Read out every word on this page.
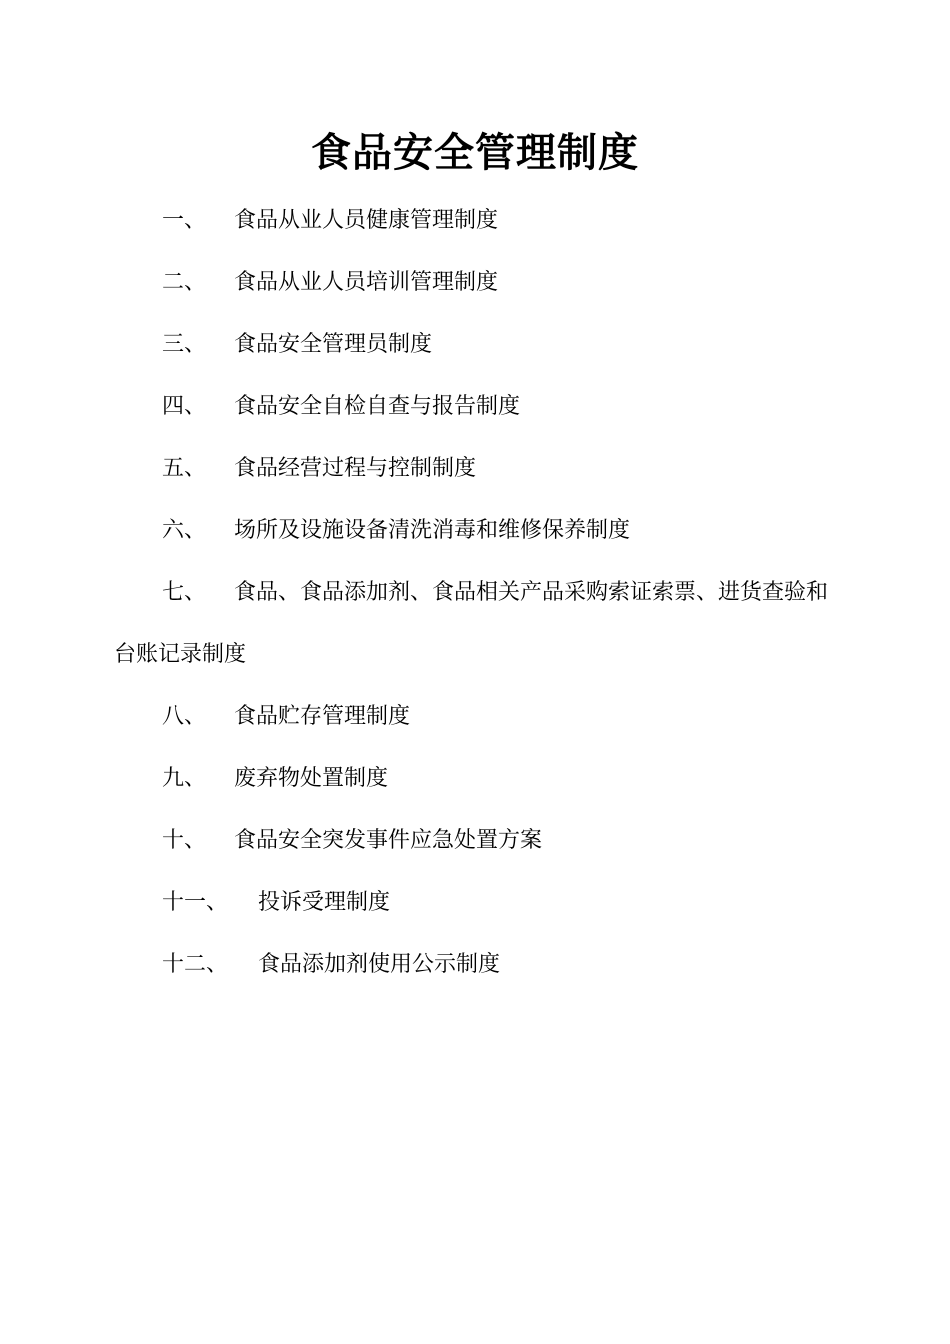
食品安全管理制度
一、 食品从业人员健康管理制度
二、 食品从业人员培训管理制度
三、 食品安全管理员制度
四、 食品安全自检自查与报告制度
五、 食品经营过程与控制制度
六、 场所及设施设备清洗消毒和维修保养制度
七、 食品、食品添加剂、食品相关产品采购索证索票、进货查验和台账记录制度
八、 食品贮存管理制度
九、 废弃物处置制度
十、 食品安全突发事件应急处置方案
十一、 投诉受理制度
十二、 食品添加剂使用公示制度
